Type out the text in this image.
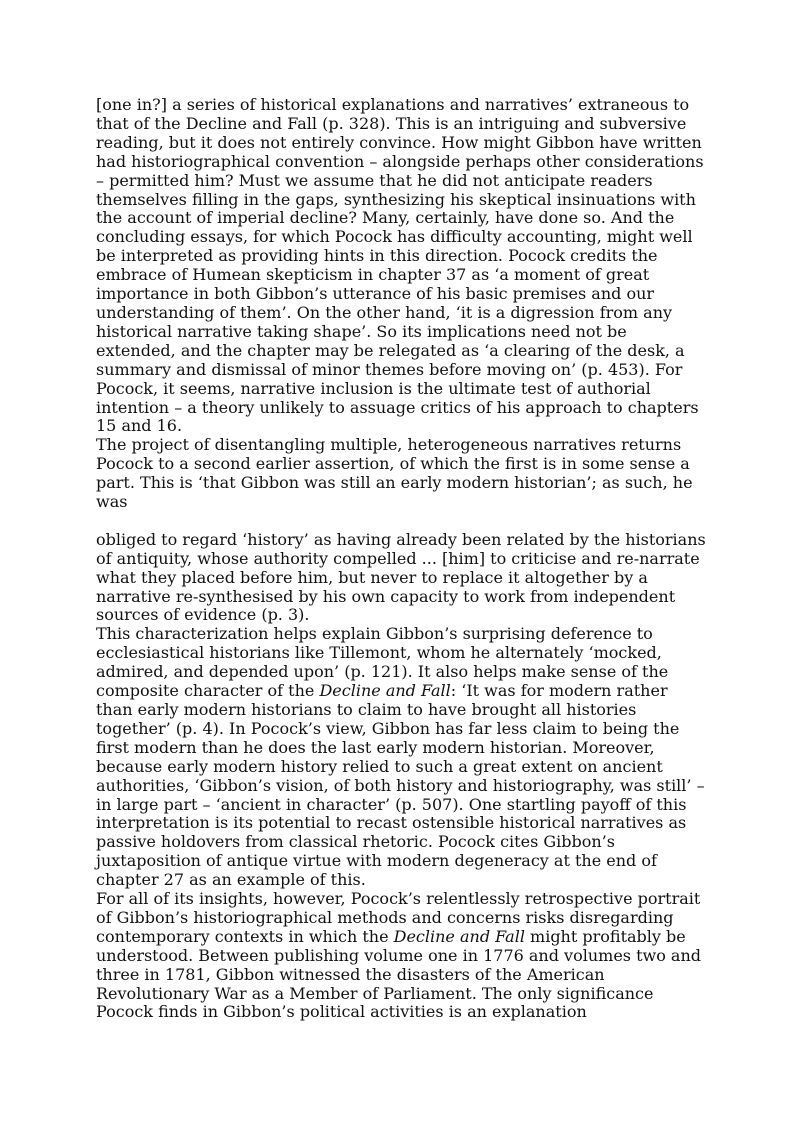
[one in?] a series of historical explanations and narratives’ extraneous to that of the Decline and Fall (p. 328). This is an intriguing and subversive reading, but it does not entirely convince. How might Gibbon have written had historiographical convention – alongside perhaps other considerations – permitted him? Must we assume that he did not anticipate readers themselves filling in the gaps, synthesizing his skeptical insinuations with the account of imperial decline? Many, certainly, have done so. And the concluding essays, for which Pocock has difficulty accounting, might well be interpreted as providing hints in this direction. Pocock credits the embrace of Humean skepticism in chapter 37 as ‘a moment of great importance in both Gibbon’s utterance of his basic premises and our understanding of them’. On the other hand, ‘it is a digression from any historical narrative taking shape’. So its implications need not be extended, and the chapter may be relegated as ‘a clearing of the desk, a summary and dismissal of minor themes before moving on’ (p. 453). For Pocock, it seems, narrative inclusion is the ultimate test of authorial intention – a theory unlikely to assuage critics of his approach to chapters 15 and 16.

The project of disentangling multiple, heterogeneous narratives returns Pocock to a second earlier assertion, of which the first is in some sense a part. This is ‘that Gibbon was still an early modern historian’; as such, he was

obliged to regard ‘history’ as having already been related by the historians of antiquity, whose authority compelled ... [him] to criticise and re-narrate what they placed before him, but never to replace it altogether by a narrative re-synthesised by his own capacity to work from independent sources of evidence (p. 3).

This characterization helps explain Gibbon’s surprising deference to ecclesiastical historians like Tillemont, whom he alternately ‘mocked, admired, and depended upon’ (p. 121). It also helps make sense of the composite character of the Decline and Fall: ‘It was for modern rather than early modern historians to claim to have brought all histories together’ (p. 4). In Pocock’s view, Gibbon has far less claim to being the first modern than he does the last early modern historian. Moreover, because early modern history relied to such a great extent on ancient authorities, ‘Gibbon’s vision, of both history and historiography, was still’ – in large part – ‘ancient in character’ (p. 507). One startling payoff of this interpretation is its potential to recast ostensible historical narratives as passive holdovers from classical rhetoric. Pocock cites Gibbon’s juxtaposition of antique virtue with modern degeneracy at the end of chapter 27 as an example of this.

For all of its insights, however, Pocock’s relentlessly retrospective portrait of Gibbon’s historiographical methods and concerns risks disregarding contemporary contexts in which the Decline and Fall might profitably be understood. Between publishing volume one in 1776 and volumes two and three in 1781, Gibbon witnessed the disasters of the American Revolutionary War as a Member of Parliament. The only significance Pocock finds in Gibbon’s political activities is an explanation
